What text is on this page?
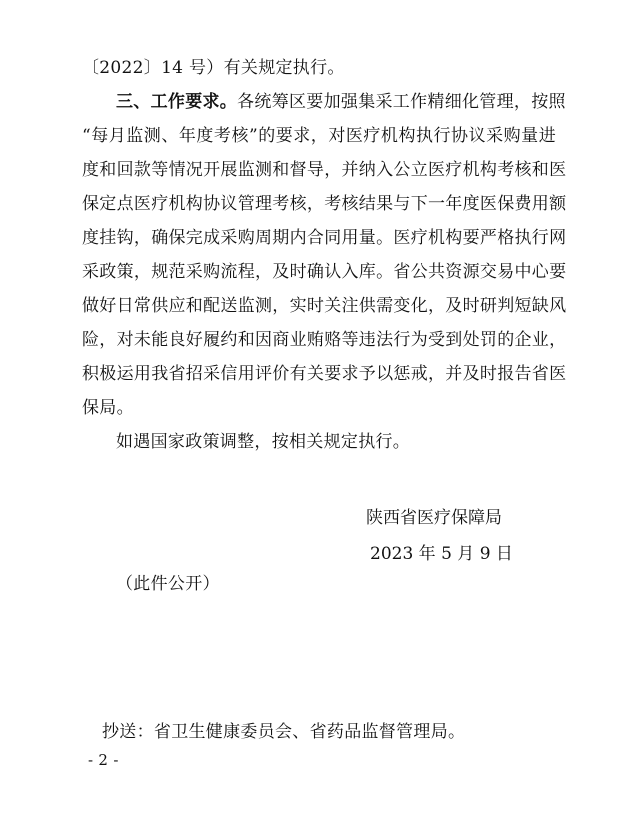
〔2022〕14 号）有关规定执行。
三、工作要求。各统筹区要加强集采工作精细化管理，按照
“每月监测、年度考核”的要求，对医疗机构执行协议采购量进
度和回款等情况开展监测和督导，并纳入公立医疗机构考核和医
保定点医疗机构协议管理考核，考核结果与下一年度医保费用额
度挂钩，确保完成采购周期内合同用量。医疗机构要严格执行网
采政策，规范采购流程，及时确认入库。省公共资源交易中心要
做好日常供应和配送监测，实时关注供需变化，及时研判短缺风
险，对未能良好履约和因商业贿赂等违法行为受到处罚的企业，
积极运用我省招采信用评价有关要求予以惩戒，并及时报告省医
保局。
如遇国家政策调整，按相关规定执行。
陕西省医疗保障局
2023 年 5 月 9 日
（此件公开）
抄送：省卫生健康委员会、省药品监督管理局。
- 2 -
